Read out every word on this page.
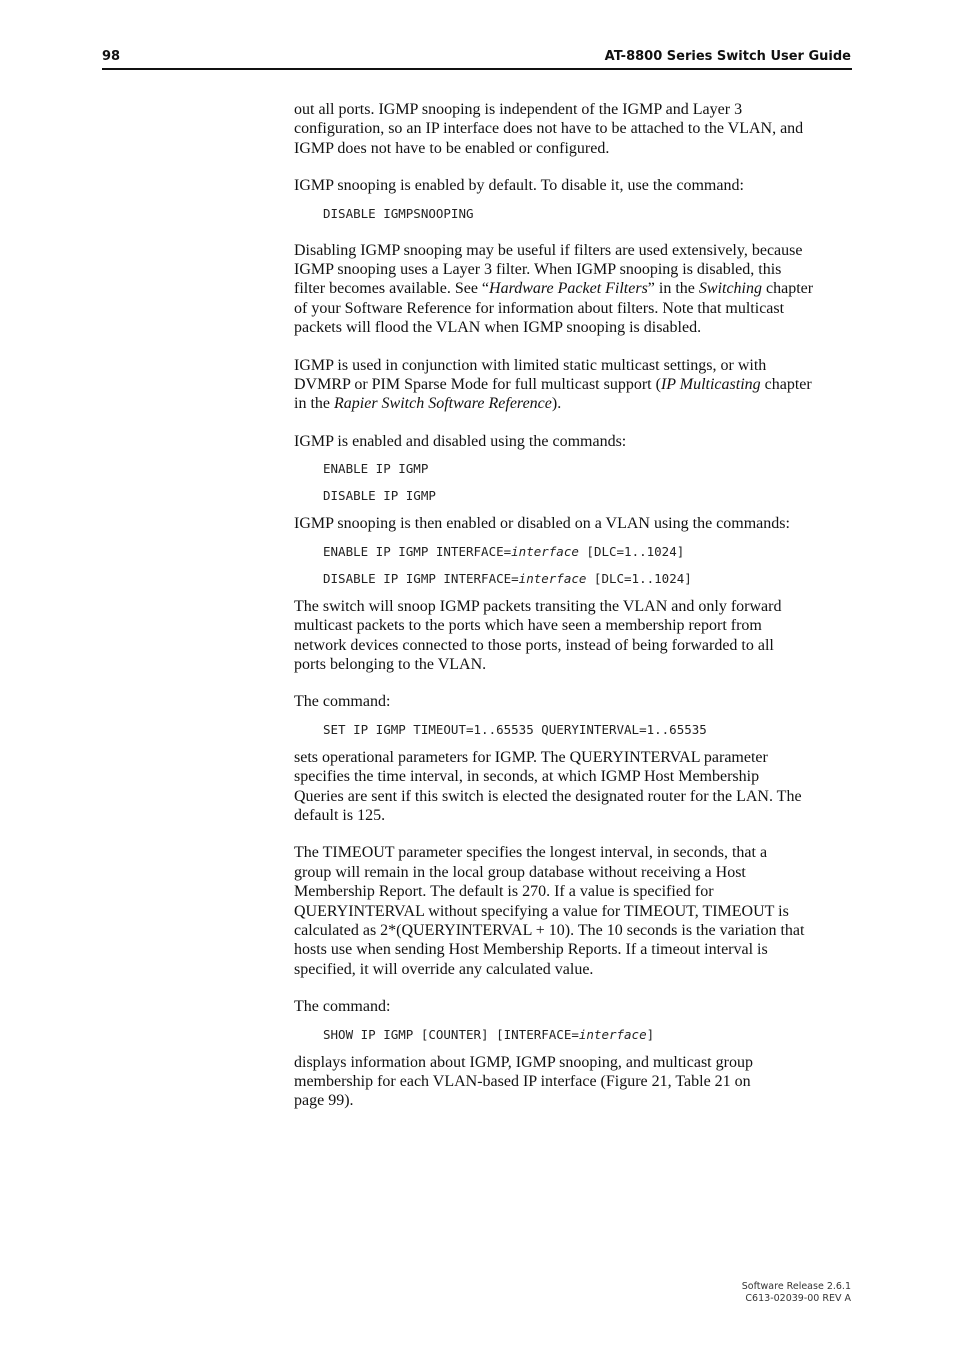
98	AT-8800 Series Switch User Guide

out all ports. IGMP snooping is independent of the IGMP and Layer 3
configuration, so an IP interface does not have to be attached to the VLAN, and
IGMP does not have to be enabled or configured.

IGMP snooping is enabled by default. To disable it, use the command:

DISABLE IGMPSNOOPING

Disabling IGMP snooping may be useful if filters are used extensively, because
IGMP snooping uses a Layer 3 filter. When IGMP snooping is disabled, this
filter becomes available. See “Hardware Packet Filters” in the Switching chapter
of your Software Reference for information about filters. Note that multicast
packets will flood the VLAN when IGMP snooping is disabled.

IGMP is used in conjunction with limited static multicast settings, or with
DVMRP or PIM Sparse Mode for full multicast support (IP Multicasting chapter
in the Rapier Switch Software Reference).

IGMP is enabled and disabled using the commands:

ENABLE IP IGMP
DISABLE IP IGMP

IGMP snooping is then enabled or disabled on a VLAN using the commands:

ENABLE IP IGMP INTERFACE=interface [DLC=1..1024]
DISABLE IP IGMP INTERFACE=interface [DLC=1..1024]

The switch will snoop IGMP packets transiting the VLAN and only forward
multicast packets to the ports which have seen a membership report from
network devices connected to those ports, instead of being forwarded to all
ports belonging to the VLAN.

The command:

SET IP IGMP TIMEOUT=1..65535 QUERYINTERVAL=1..65535

sets operational parameters for IGMP. The QUERYINTERVAL parameter
specifies the time interval, in seconds, at which IGMP Host Membership
Queries are sent if this switch is elected the designated router for the LAN. The
default is 125.

The TIMEOUT parameter specifies the longest interval, in seconds, that a
group will remain in the local group database without receiving a Host
Membership Report. The default is 270. If a value is specified for
QUERYINTERVAL without specifying a value for TIMEOUT, TIMEOUT is
calculated as 2*(QUERYINTERVAL + 10). The 10 seconds is the variation that
hosts use when sending Host Membership Reports. If a timeout interval is
specified, it will override any calculated value.

The command:

SHOW IP IGMP [COUNTER] [INTERFACE=interface]

displays information about IGMP, IGMP snooping, and multicast group
membership for each VLAN-based IP interface (Figure 21, Table 21 on
page 99).

Software Release 2.6.1
C613-02039-00 REV A
